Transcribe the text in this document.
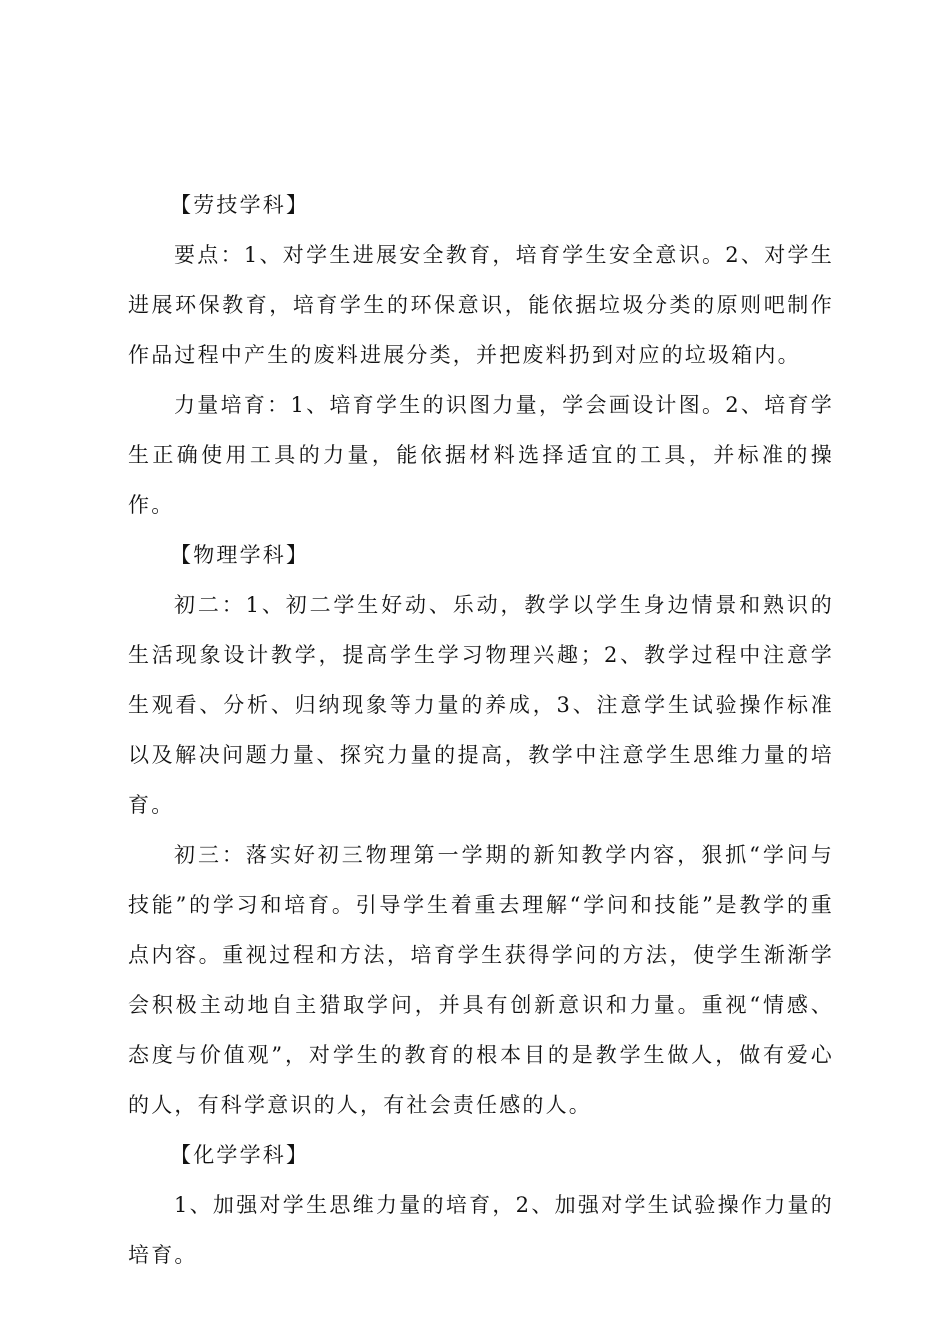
【劳技学科】

要点：1、对学生进展安全教育，培育学生安全意识。2、对学生进展环保教育，培育学生的环保意识，能依据垃圾分类的原则吧制作作品过程中产生的废料进展分类，并把废料扔到对应的垃圾箱内。

力量培育：1、培育学生的识图力量，学会画设计图。2、培育学生正确使用工具的力量，能依据材料选择适宜的工具，并标准的操作。

【物理学科】

初二：1、初二学生好动、乐动，教学以学生身边情景和熟识的生活现象设计教学，提高学生学习物理兴趣；2、教学过程中注意学生观看、分析、归纳现象等力量的养成，3、注意学生试验操作标准以及解决问题力量、探究力量的提高，教学中注意学生思维力量的培育。

初三：落实好初三物理第一学期的新知教学内容，狠抓“学问与技能”的学习和培育。引导学生着重去理解“学问和技能”是教学的重点内容。重视过程和方法，培育学生获得学问的方法，使学生渐渐学会积极主动地自主猎取学问，并具有创新意识和力量。重视“情感、态度与价值观”，对学生的教育的根本目的是教学生做人，做有爱心的人，有科学意识的人，有社会责任感的人。

【化学学科】

1、加强对学生思维力量的培育，2、加强对学生试验操作力量的培育。
